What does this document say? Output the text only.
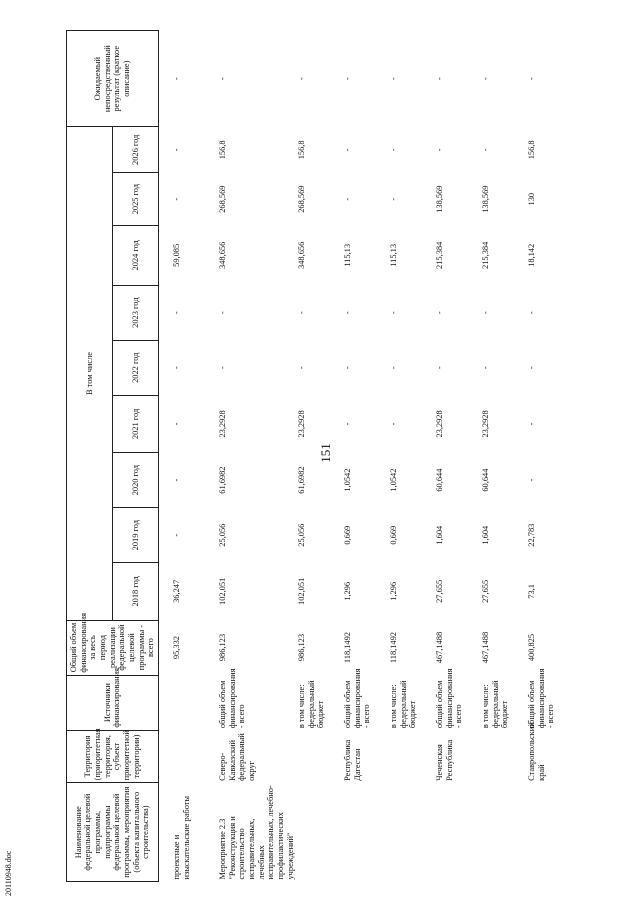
151
Наименование федеральной целевой программы, подпрограммы федеральной целевой программы, мероприятия (объекта капитального строительства)	Территория (приоритетная территория, субъект приоритетной территории)	Источники финансирования	Общий объем финансирования за весь период реализации федеральной целевой программы - всего	В том числе									Ожидаемый непосредственный результат (краткое описание)
				2018 год	2019 год	2020 год	2021 год	2022 год	2023 год	2024 год	2025 год	2026 год	

проектные и изыскательские работы			95,332	36,247	-	-	-	-	-	59,085	-	-	-
Мероприятие 2.3 "Реконструкция и строительство исправительных, лечебных исправительных, лечебно-профилактических учреждений"	Северо-Кавказский федеральный округ	общий объем финансирования - всего	986,123	102,051	25,056	61,6982	23,2928	-	-	348,656	268,569	156,8	-
		в том числе: федеральный бюджет	986,123	102,051	25,056	61,6982	23,2928	-	-	348,656	268,569	156,8	-
	Республика Дагестан	общий объем финансирования - всего	118,1492	1,296	0,669	1,0542	-	-	-	115,13	-	-	-
		в том числе: федеральный бюджет	118,1492	1,296	0,669	1,0542	-	-	-	115,13	-	-	-
	Чеченская Республика	общий объем финансирования - всего	467,1488	27,655	1,604	60,644	23,2928	-	-	215,384	138,569	-	-
		в том числе: федеральный бюджет	467,1488	27,655	1,604	60,644	23,2928	-	-	215,384	138,569	-	-
	Ставропольский край	общий объем финансирования - всего	400,825	73,1	22,783	-	-	-	-	18,142	130	156,8	-
20110948.doc
